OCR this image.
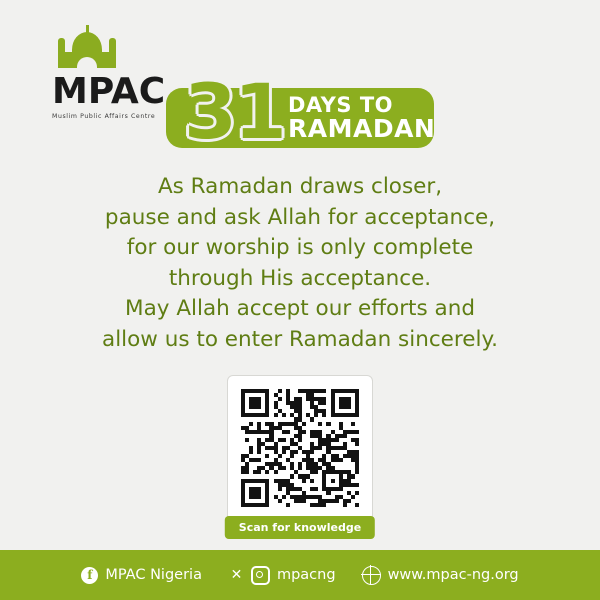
MPAC
Muslim Public Affairs Centre 31 DAYS TO
RAMADAN
As Ramadan draws closer,
pause and ask Allah for acceptance,
for our worship is only complete
through His acceptance.
May Allah accept our efforts and
allow us to enter Ramadan sincerely.
Scan for knowledge
f MPAC Nigeria ✕ mpacng	www.mpac-ng.org
